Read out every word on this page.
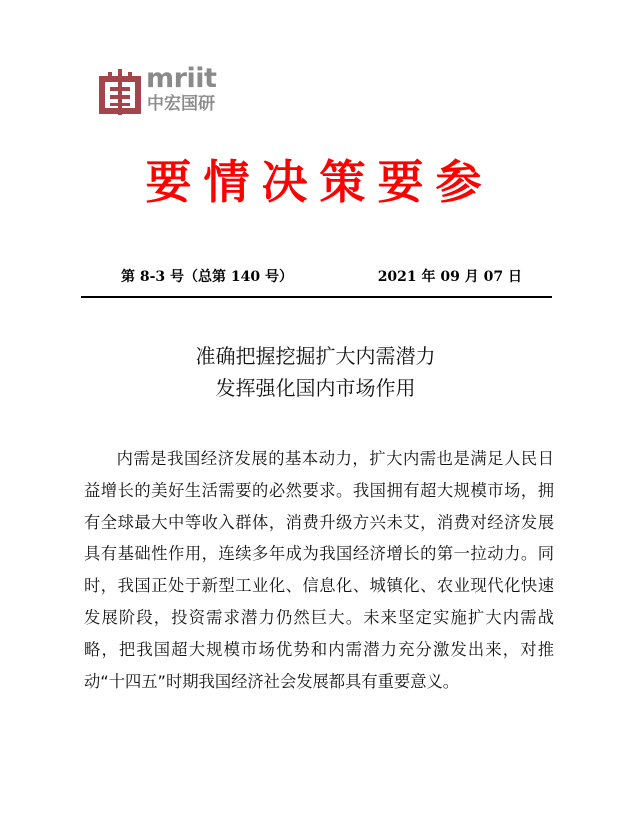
mriit
中宏国研
要情决策要参
第 8-3 号（总第 140 号）	2021 年 09 月 07 日
准确把握挖掘扩大内需潜力
发挥强化国内市场作用
内需是我国经济发展的基本动力，扩大内需也是满足人民日益增长的美好生活需要的必然要求。我国拥有超大规模市场，拥有全球最大中等收入群体，消费升级方兴未艾，消费对经济发展具有基础性作用，连续多年成为我国经济增长的第一拉动力。同时，我国正处于新型工业化、信息化、城镇化、农业现代化快速发展阶段，投资需求潜力仍然巨大。未来坚定实施扩大内需战略，把我国超大规模市场优势和内需潜力充分激发出来，对推动“十四五”时期我国经济社会发展都具有重要意义。
